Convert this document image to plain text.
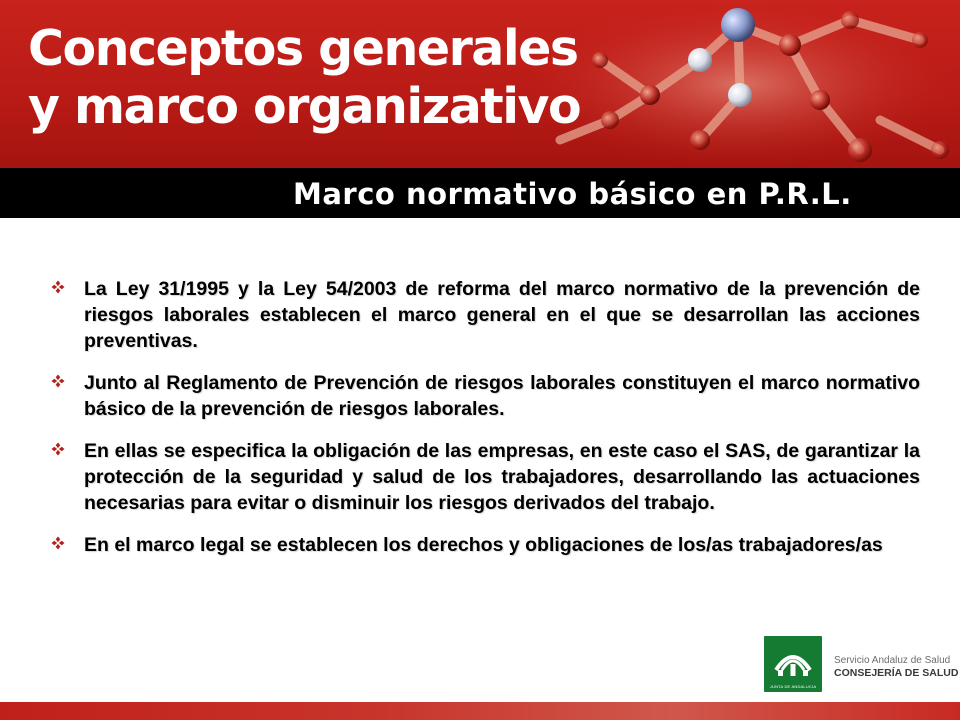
Conceptos generales
y marco organizativo
Marco normativo básico en P.R.L.

La Ley 31/1995 y la Ley 54/2003 de reforma del marco normativo de la prevención de riesgos laborales establecen el marco general en el que se desarrollan las acciones preventivas.

Junto al Reglamento de Prevención de riesgos laborales constituyen el marco normativo básico de la prevención de riesgos laborales.

En ellas se especifica la obligación de las empresas, en este caso el SAS, de garantizar la protección de la seguridad y salud de los trabajadores, desarrollando las actuaciones necesarias para evitar o disminuir los riesgos derivados del trabajo.

En el marco legal se establecen los derechos y obligaciones de los/as trabajadores/as

JUNTA DE ANDALUCIA
Servicio Andaluz de Salud
CONSEJERÍA DE SALUD
